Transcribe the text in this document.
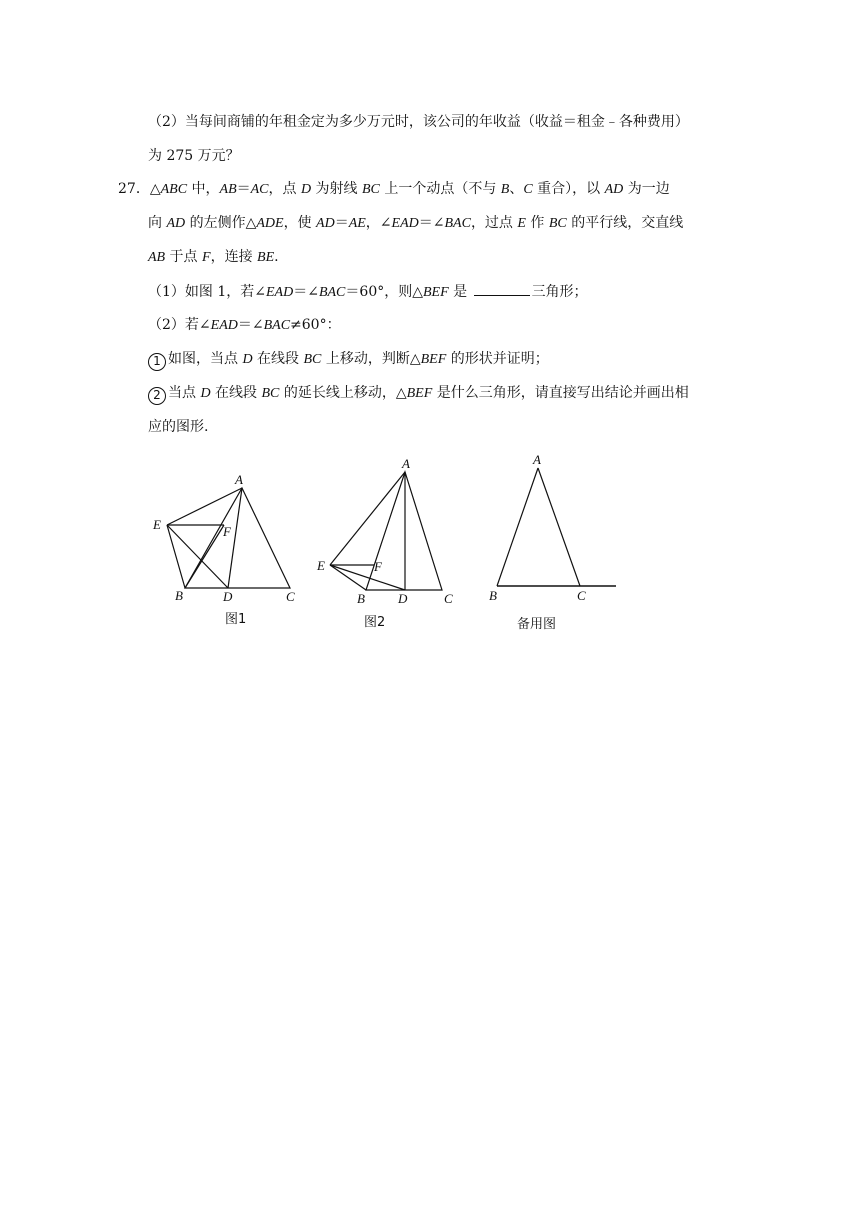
（2）当每间商铺的年租金定为多少万元时，该公司的年收益（收益＝租金﹣各种费用）
为 275 万元？
27．△ABC 中，AB＝AC，点 D 为射线 BC 上一个动点（不与 B、C 重合），以 AD 为一边
向 AD 的左侧作△ADE，使 AD＝AE，∠EAD＝∠BAC，过点 E 作 BC 的平行线，交直线
AB 于点 F，连接 BE.
（1）如图 1，若∠EAD＝∠BAC＝60°，则△BEF 是	三角形；
（2）若∠EAD＝∠BAC≠60°：
1 如图，当点 D 在线段 BC 上移动，判断△BEF 的形状并证明；
2 当点 D 在线段 BC 的延长线上移动，△BEF 是什么三角形，请直接写出结论并画出相
应的图形.
A
E	F
B	D	C
图1
A
E	F
B	D	C
图2
A
B	C
备用图
